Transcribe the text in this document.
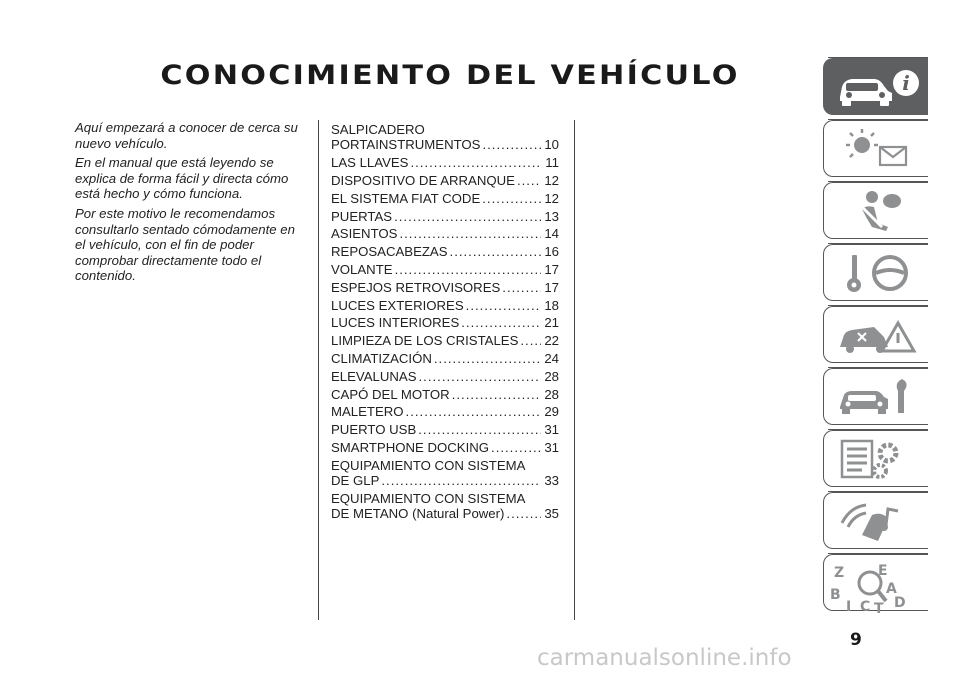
CONOCIMIENTO DEL VEHÍCULO

Aquí empezará a conocer de cerca su nuevo vehículo.

En el manual que está leyendo se explica de forma fácil y directa cómo está hecho y cómo funciona.

Por este motivo le recomendamos consultarlo sentado cómodamente en el vehículo, con el fin de poder comprobar directamente todo el contenido.

SALPICADERO
PORTAINSTRUMENTOS .....	10
LAS LLAVES .....	11
DISPOSITIVO DE ARRANQUE ..... 12
EL SISTEMA FIAT CODE .....	12
PUERTAS .....	13
ASIENTOS .....	14
REPOSACABEZAS .....	16
VOLANTE .....	17
ESPEJOS RETROVISORES .....	17
LUCES EXTERIORES .....	18
LUCES INTERIORES .....	21
LIMPIEZA DE LOS CRISTALES ..... 22
CLIMATIZACIÓN .....	24
ELEVALUNAS .....	28
CAPÓ DEL MOTOR .....	28
MALETERO .....	29
PUERTO USB .....	31
SMARTPHONE DOCKING .....	31
EQUIPAMIENTO CON SISTEMA
DE GLP .....	33
EQUIPAMIENTO CON SISTEMA
DE METANO (Natural Power) .....	35
i
Z E
B	A
D
I C T
9
carmanualsonline.info
